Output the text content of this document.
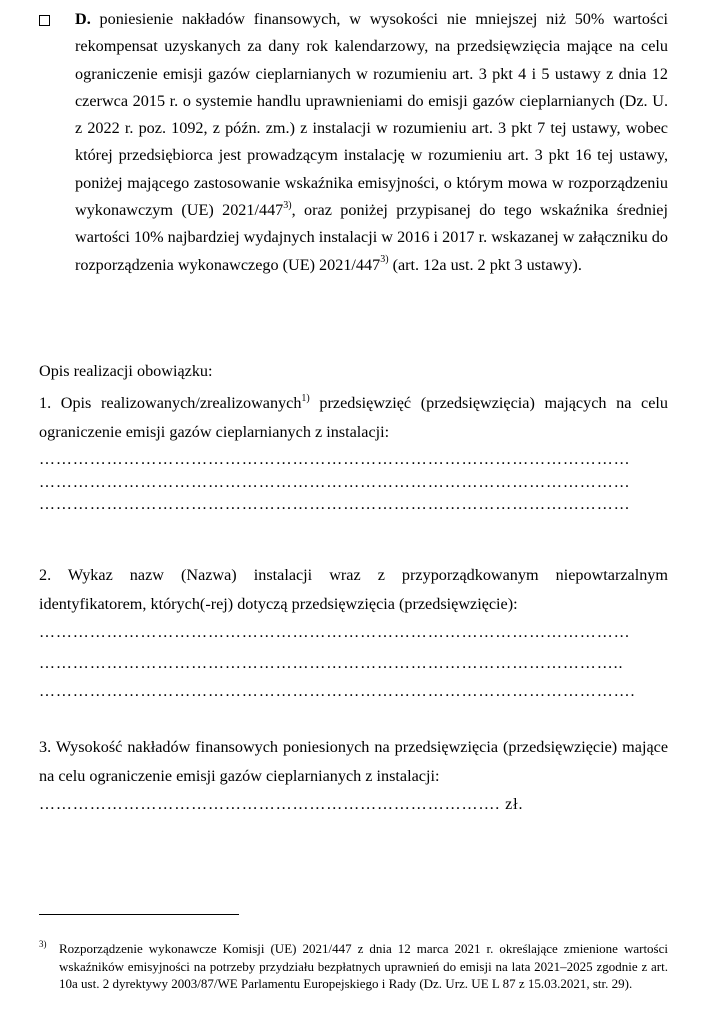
D. poniesienie nakładów finansowych, w wysokości nie mniejszej niż 50% wartości rekompensat uzyskanych za dany rok kalendarzowy, na przedsięwzięcia mające na celu ograniczenie emisji gazów cieplarnianych w rozumieniu art. 3 pkt 4 i 5 ustawy z dnia 12 czerwca 2015 r. o systemie handlu uprawnieniami do emisji gazów cieplarnianych (Dz. U. z 2022 r. poz. 1092, z późn. zm.) z instalacji w rozumieniu art. 3 pkt 7 tej ustawy, wobec której przedsiębiorca jest prowadzącym instalację w rozumieniu art. 3 pkt 16 tej ustawy, poniżej mającego zastosowanie wskaźnika emisyjności, o którym mowa w rozporządzeniu wykonawczym (UE) 2021/447$^{3)}$, oraz poniżej przypisanej do tego wskaźnika średniej wartości 10% najbardziej wydajnych instalacji w 2016 i 2017 r. wskazanej w załączniku do rozporządzenia wykonawczego (UE) 2021/447$^{3)}$ (art. 12a ust. 2 pkt 3 ustawy).
Opis realizacji obowiązku:
1. Opis realizowanych/zrealizowanych$^{1)}$ przedsięwzięć (przedsięwzięcia) mających na celu ograniczenie emisji gazów cieplarnianych z instalacji:
……………………………………………………………………………………………
……………………………………………………………………………………………
……………………………………………………………………………………………
2. Wykaz nazw (Nazwa) instalacji wraz z przyporządkowanym niepowtarzalnym identyfikatorem, których(-rej) dotyczą przedsięwzięcia (przedsięwzięcie):
……………………………………………………………………………………………
…………………………………………………………………………………………..
…………………………………………………………………………………………….
3. Wysokość nakładów finansowych poniesionych na przedsięwzięcia (przedsięwzięcie) mające na celu ograniczenie emisji gazów cieplarnianych z instalacji:
………………………………………………………………………. zł.
3) Rozporządzenie wykonawcze Komisji (UE) 2021/447 z dnia 12 marca 2021 r. określające zmienione wartości wskaźników emisyjności na potrzeby przydziału bezpłatnych uprawnień do emisji na lata 2021–2025 zgodnie z art. 10a ust. 2 dyrektywy 2003/87/WE Parlamentu Europejskiego i Rady (Dz. Urz. UE L 87 z 15.03.2021, str. 29).
